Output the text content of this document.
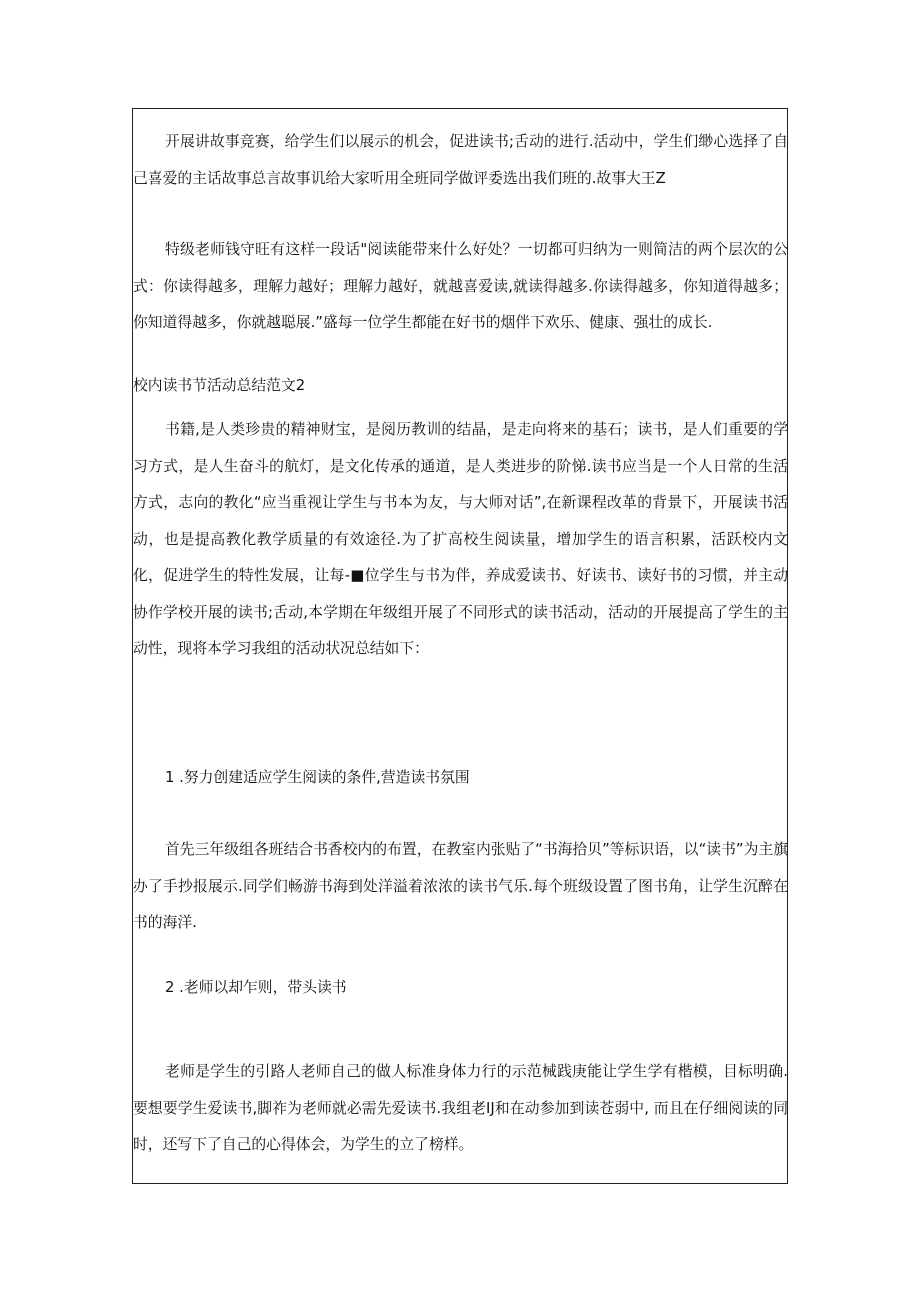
开展讲故事竞赛，给学生们以展示的机会，促进读书;舌动的进行.活动中，学生们缈心选择了自己喜爱的主话故事总言故事讥给大家听用全班同学做评委选出我们班的.故事大王Z

特级老师钱守旺有这样一段话"阅读能带来什么好处？一切都可归纳为一则简洁的两个层次的公式：你读得越多，理解力越好；理解力越好，就越喜爱读,就读得越多.你读得越多，你知道得越多；你知道得越多，你就越聪展.”盛每一位学生都能在好书的烟伴下欢乐、健康、强壮的成长.

校内读书节活动总结范文2

书籍,是人类珍贵的精神财宝，是阅历教训的结晶，是走向将来的基石；读书，是人们重要的学习方式，是人生奋斗的航灯，是文化传承的通道，是人类进步的阶悌.读书应当是一个人日常的生活方式，志向的教化“应当重视让学生与书本为友，与大师对话”,在新课程改革的背景下，开展读书活动，也是提高教化教学质量的有效途径.为了扩高校生阅读量，增加学生的语言积累，活跃校内文化，促进学生的特性发展，让每-■位学生与书为伴，养成爱读书、好读书、读好书的习惯，并主动协作学校开展的读书;舌动,本学期在年级组开展了不同形式的读书活动，活动的开展提高了学生的主动性，现将本学习我组的活动状况总结如下：

1 .努力创建适应学生阅读的条件,营造读书氛围

首先三年级组各班结合书香校内的布置，在教室内张贴了“书海拾贝”等标识语，以“读书”为主旗办了手抄报展示.同学们畅游书海到处洋溢着浓浓的读书气乐.每个班级设置了图书角，让学生沉醉在书的海洋.

2 .老师以却乍则，带头读书

老师是学生的引路人老师自己的做人标准身体力行的示范械践庚能让学生学有楷模，目标明确.要想要学生爱读书,脚祚为老师就必需先爱读书.我组老IJ和在动参加到读苍弱中, 而且在仔细阅读的同时，还写下了自己的心得体会，为学生的立了榜样。
